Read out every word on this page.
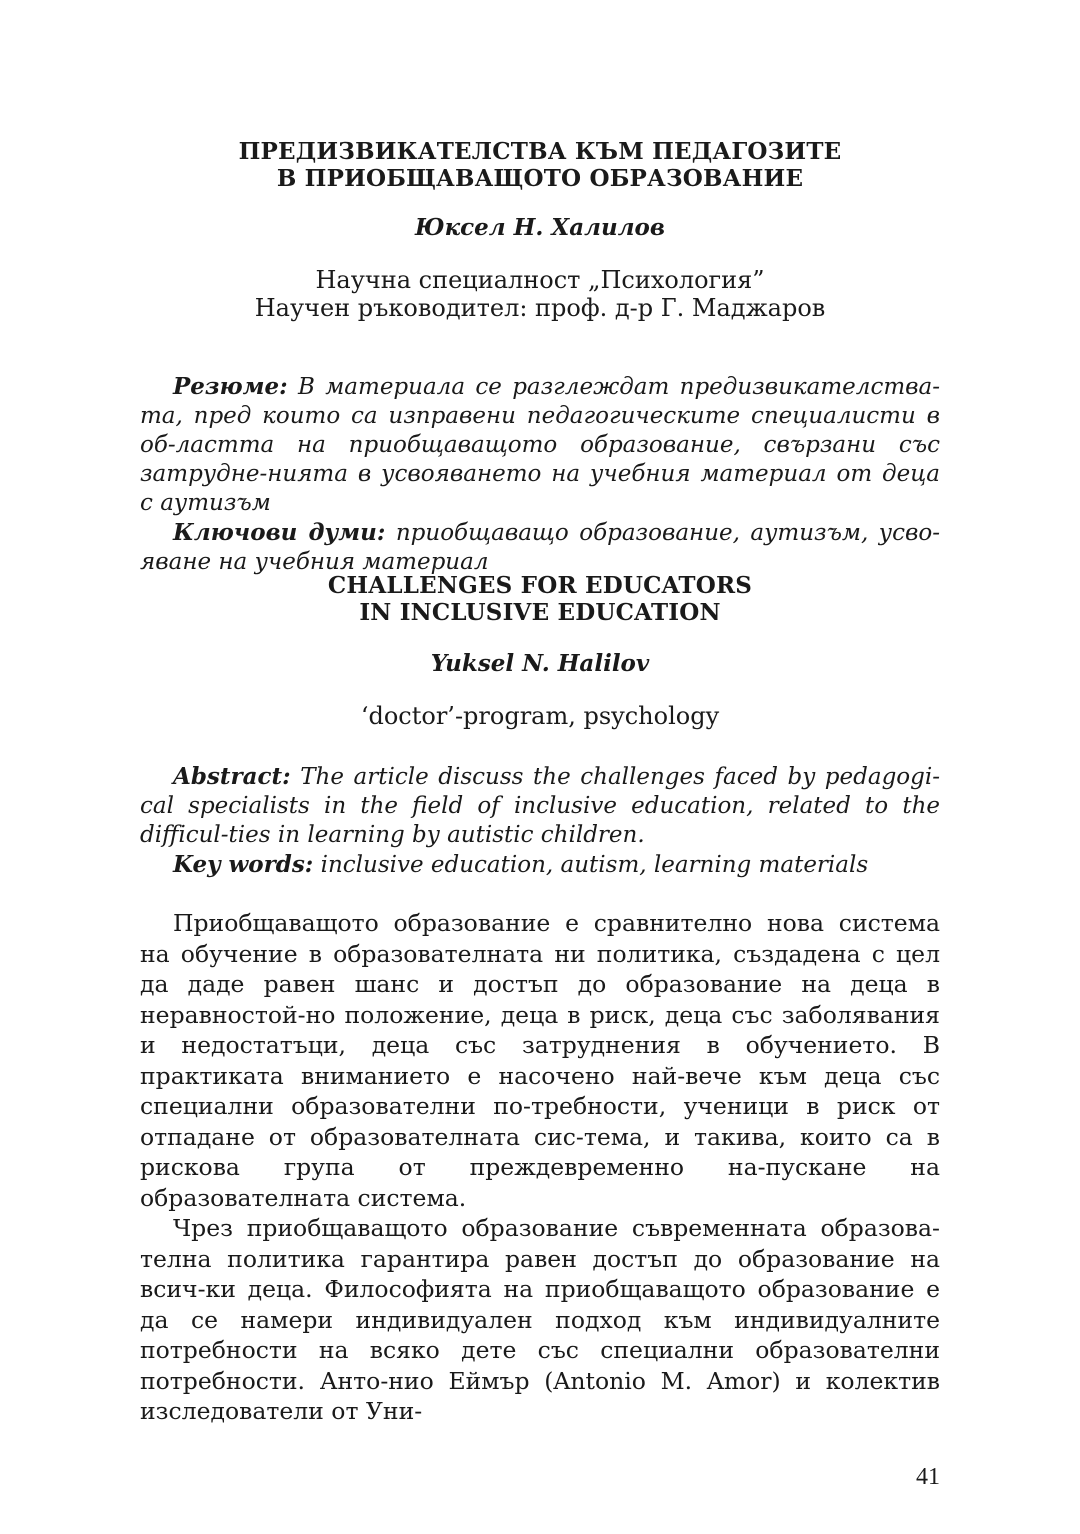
ПРЕДИЗВИКАТЕЛСТВА КЪМ ПЕДАГОЗИТЕ
В ПРИОБЩАВАЩОТО ОБРАЗОВАНИЕ
Юксел Н. Халилов
Научна специалност „Психология”
Научен ръководител: проф. д-р Г. Маджаров

Резюме: В материала се разглеждат предизвикателства-та, пред които са изправени педагогическите специалисти в об-ластта на приобщаващото образование, свързани със затрудне-нията в усвояването на учебния материал от деца с аутизъм

Ключови думи: приобщаващо образование, аутизъм, усво-яване на учебния материал

CHALLENGES FOR EDUCATORS
IN INCLUSIVE EDUCATION
Yuksel N. Halilov
‘doctor’-program, psychology

Abstract: The article discuss the challenges faced by pedagogi-cal specialists in the field of inclusive education, related to the difficul-ties in learning by autistic children.

Key words: inclusive education, autism, learning materials

Приобщаващото образование е сравнително нова система на обучение в образователната ни политика, създадена с цел да даде равен шанс и достъп до образование на деца в неравностой-но положение, деца в риск, деца със заболявания и недостатъци, деца със затруднения в обучението. В практиката вниманието е насочено най-вече към деца със специални образователни по-требности, ученици в риск от отпадане от образователната сис-тема, и такива, които са в рискова група от преждевременно на-пускане на образователната система.

Чрез приобщаващото образование съвременната образова-телна политика гарантира равен достъп до образование на всич-ки деца. Философията на приобщаващото образование е да се намери индивидуален подход към индивидуалните потребности на всяко дете със специални образователни потребности. Анто-нио Еймър (Antonio M. Amor) и колектив изследователи от Уни-

41
